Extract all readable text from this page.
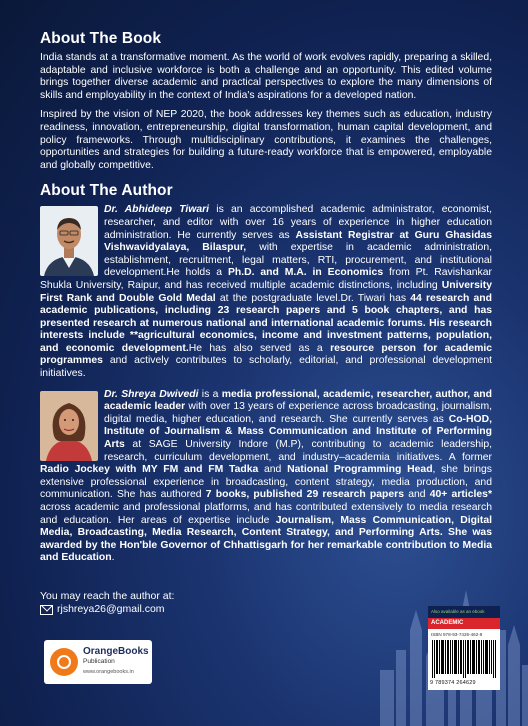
About The Book

India stands at a transformative moment. As the world of work evolves rapidly, preparing a skilled, adaptable and inclusive workforce is both a challenge and an opportunity. This edited volume brings together diverse academic and practical perspectives to explore the many dimensions of skills and employability in the context of India's aspirations for a developed nation.

Inspired by the vision of NEP 2020, the book addresses key themes such as education, industry readiness, innovation, entrepreneurship, digital transformation, human capital development, and policy frameworks. Through multidisciplinary contributions, it examines the challenges, opportunities and strategies for building a future-ready workforce that is empowered, employable and globally competitive.

About The Author

Dr. Abhideep Tiwari is an accomplished academic administrator, economist, researcher, and editor with over 16 years of experience in higher education administration. He currently serves as Assistant Registrar at Guru Ghasidas Vishwavidyalaya, Bilaspur, with expertise in academic administration, establishment, recruitment, legal matters, RTI, procurement, and institutional development.He holds a Ph.D. and M.A. in Economics from Pt. Ravishankar Shukla University, Raipur, and has received multiple academic distinctions, including University First Rank and Double Gold Medal at the postgraduate level.Dr. Tiwari has 44 research and academic publications, including 23 research papers and 5 book chapters, and has presented research at numerous national and international academic forums. His research interests include **agricultural economics, income and investment patterns, population, and economic development.He has also served as a resource person for academic programmes and actively contributes to scholarly, editorial, and professional development initiatives.

Dr. Shreya Dwivedi is a media professional, academic, researcher, author, and academic leader with over 13 years of experience across broadcasting, journalism, digital media, higher education, and research. She currently serves as Co-HOD, Institute of Journalism & Mass Communication and Institute of Performing Arts at SAGE University Indore (M.P), contributing to academic leadership, research, curriculum development, and industry–academia initiatives. A former Radio Jockey with MY FM and FM Tadka and National Programming Head, she brings extensive professional experience in broadcasting, content strategy, media production, and communication. She has authored 7 books, published 29 research papers and 40+ articles* across academic and professional platforms, and has contributed extensively to media research and education. Her areas of expertise include Journalism, Mass Communication, Digital Media, Broadcasting, Media Research, Content Strategy, and Performing Arts. She was awarded by the Hon'ble Governor of Chhattisgarh for her remarkable contribution to Media and Education.

You may reach the author at:
rjshreya26@gmail.com
OrangeBooks
Publication
www.orangebooks.in
Also available as an ebook
ACADEMIC
ISBN 978-93-7426-462-9
9 789374 264629
